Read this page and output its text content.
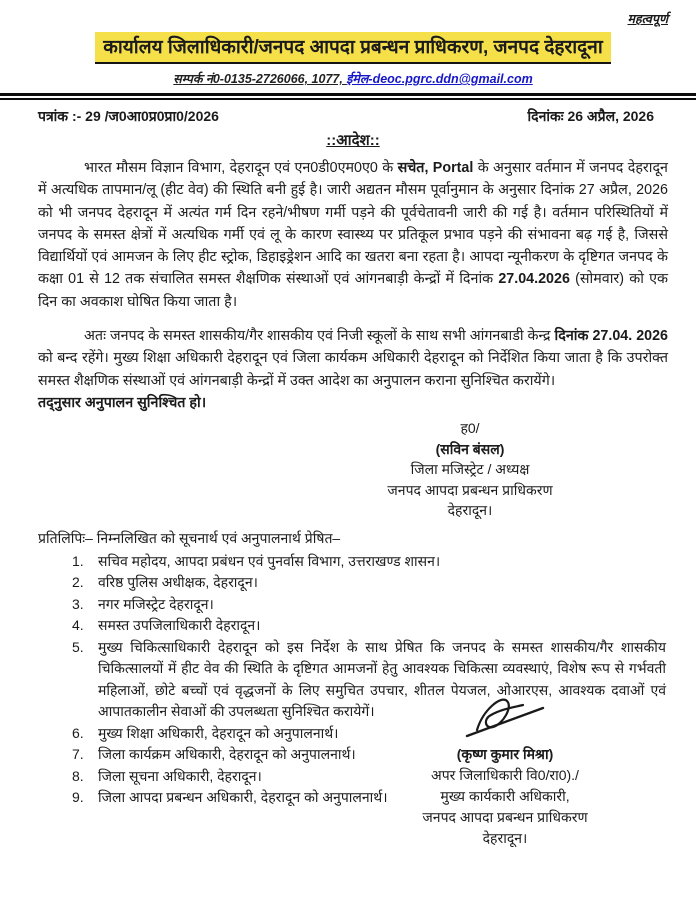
महत्वपूर्ण
कार्यालय जिलाधिकारी/जनपद आपदा प्रबन्धन प्राधिकरण, जनपद देहरादूना
सम्पर्क नं0-0135-2726066, 1077, ईमेल-deoc.pgrc.ddn@gmail.com
पत्रांक :- 29 /ज0आ0प्र0प्रा0/2026	दिनांकः 26 अप्रैल, 2026
::आदेश::

भारत मौसम विज्ञान विभाग, देहरादून एवं एन0डी0एम0ए0 के सचेत, Portal के अनुसार वर्तमान में जनपद देहरादून में अत्यधिक तापमान/लू (हीट वेव) की स्थिति बनी हुई है। जारी अद्यतन मौसम पूर्वानुमान के अनुसार दिनांक 27 अप्रैल, 2026 को भी जनपद देहरादून में अत्यंत गर्म दिन रहने/भीषण गर्मी पड़ने की पूर्वचेतावनी जारी की गई है। वर्तमान परिस्थितियों में जनपद के समस्त क्षेत्रों में अत्यधिक गर्मी एवं लू के कारण स्वास्थ्य पर प्रतिकूल प्रभाव पड़ने की संभावना बढ़ गई है, जिससे विद्यार्थियों एवं आमजन के लिए हीट स्ट्रोक, डिहाइड्रेशन आदि का खतरा बना रहता है। आपदा न्यूनीकरण के दृष्टिगत जनपद के कक्षा 01 से 12 तक संचालित समस्त शैक्षणिक संस्थाओं एवं आंगनबाड़ी केन्द्रों में दिनांक 27.04.2026 (सोमवार) को एक दिन का अवकाश घोषित किया जाता है।

अतः जनपद के समस्त शासकीय/गैर शासकीय एवं निजी स्कूलों के साथ सभी आंगनबाडी केन्द्र दिनांक 27.04. 2026 को बन्द रहेंगे। मुख्य शिक्षा अधिकारी देहरादून एवं जिला कार्यकम अधिकारी देहरादून को निर्देशित किया जाता है कि उपरोक्त समस्त शैक्षणिक संस्थाओं एवं आंगनबाड़ी केन्द्रों में उक्त आदेश का अनुपालन कराना सुनिश्चित करायेंगे।

तद्नुसार अनुपालन सुनिश्चित हो।

ह0/
(सविन बंसल)
जिला मजिस्ट्रेट / अध्यक्ष
जनपद आपदा प्रबन्धन प्राधिकरण
देहरादून।
प्रतिलिपिः– निम्नलिखित को सूचनार्थ एवं अनुपालनार्थ प्रेषित–
1.	सचिव महोदय, आपदा प्रबंधन एवं पुनर्वास विभाग, उत्तराखण्ड शासन।
2.	वरिष्ठ पुलिस अधीक्षक, देहरादून।
3.	नगर मजिस्ट्रेट देहरादून।
4.	समस्त उपजिलाधिकारी देहरादून।
5.	मुख्य चिकित्साधिकारी देहरादून को इस निर्देश के साथ प्रेषित कि जनपद के समस्त शासकीय/गैर शासकीय चिकित्सालयों में हीट वेव की स्थिति के दृष्टिगत आमजनों हेतु आवश्यक चिकित्सा व्यवस्थाएं, विशेष रूप से गर्भवती महिलाओं, छोटे बच्चों एवं वृद्धजनों के लिए समुचित उपचार, शीतल पेयजल, ओआरएस, आवश्यक दवाओं एवं आपातकालीन सेवाओं की उपलब्धता सुनिश्चित करायेगें।
6.	मुख्य शिक्षा अधिकारी, देहरादून को अनुपालनार्थ।
7.	जिला कार्यक्रम अधिकारी, देहरादून को अनुपालनार्थ।
8.	जिला सूचना अधिकारी, देहरादून।
9.	जिला आपदा प्रबन्धन अधिकारी, देहरादून को अनुपालनार्थ।
(कृष्ण कुमार मिश्रा)
अपर जिलाधिकारी वि0/रा0)./
मुख्य कार्यकारी अधिकारी,
जनपद आपदा प्रबन्धन प्राधिकरण
देहरादून।
